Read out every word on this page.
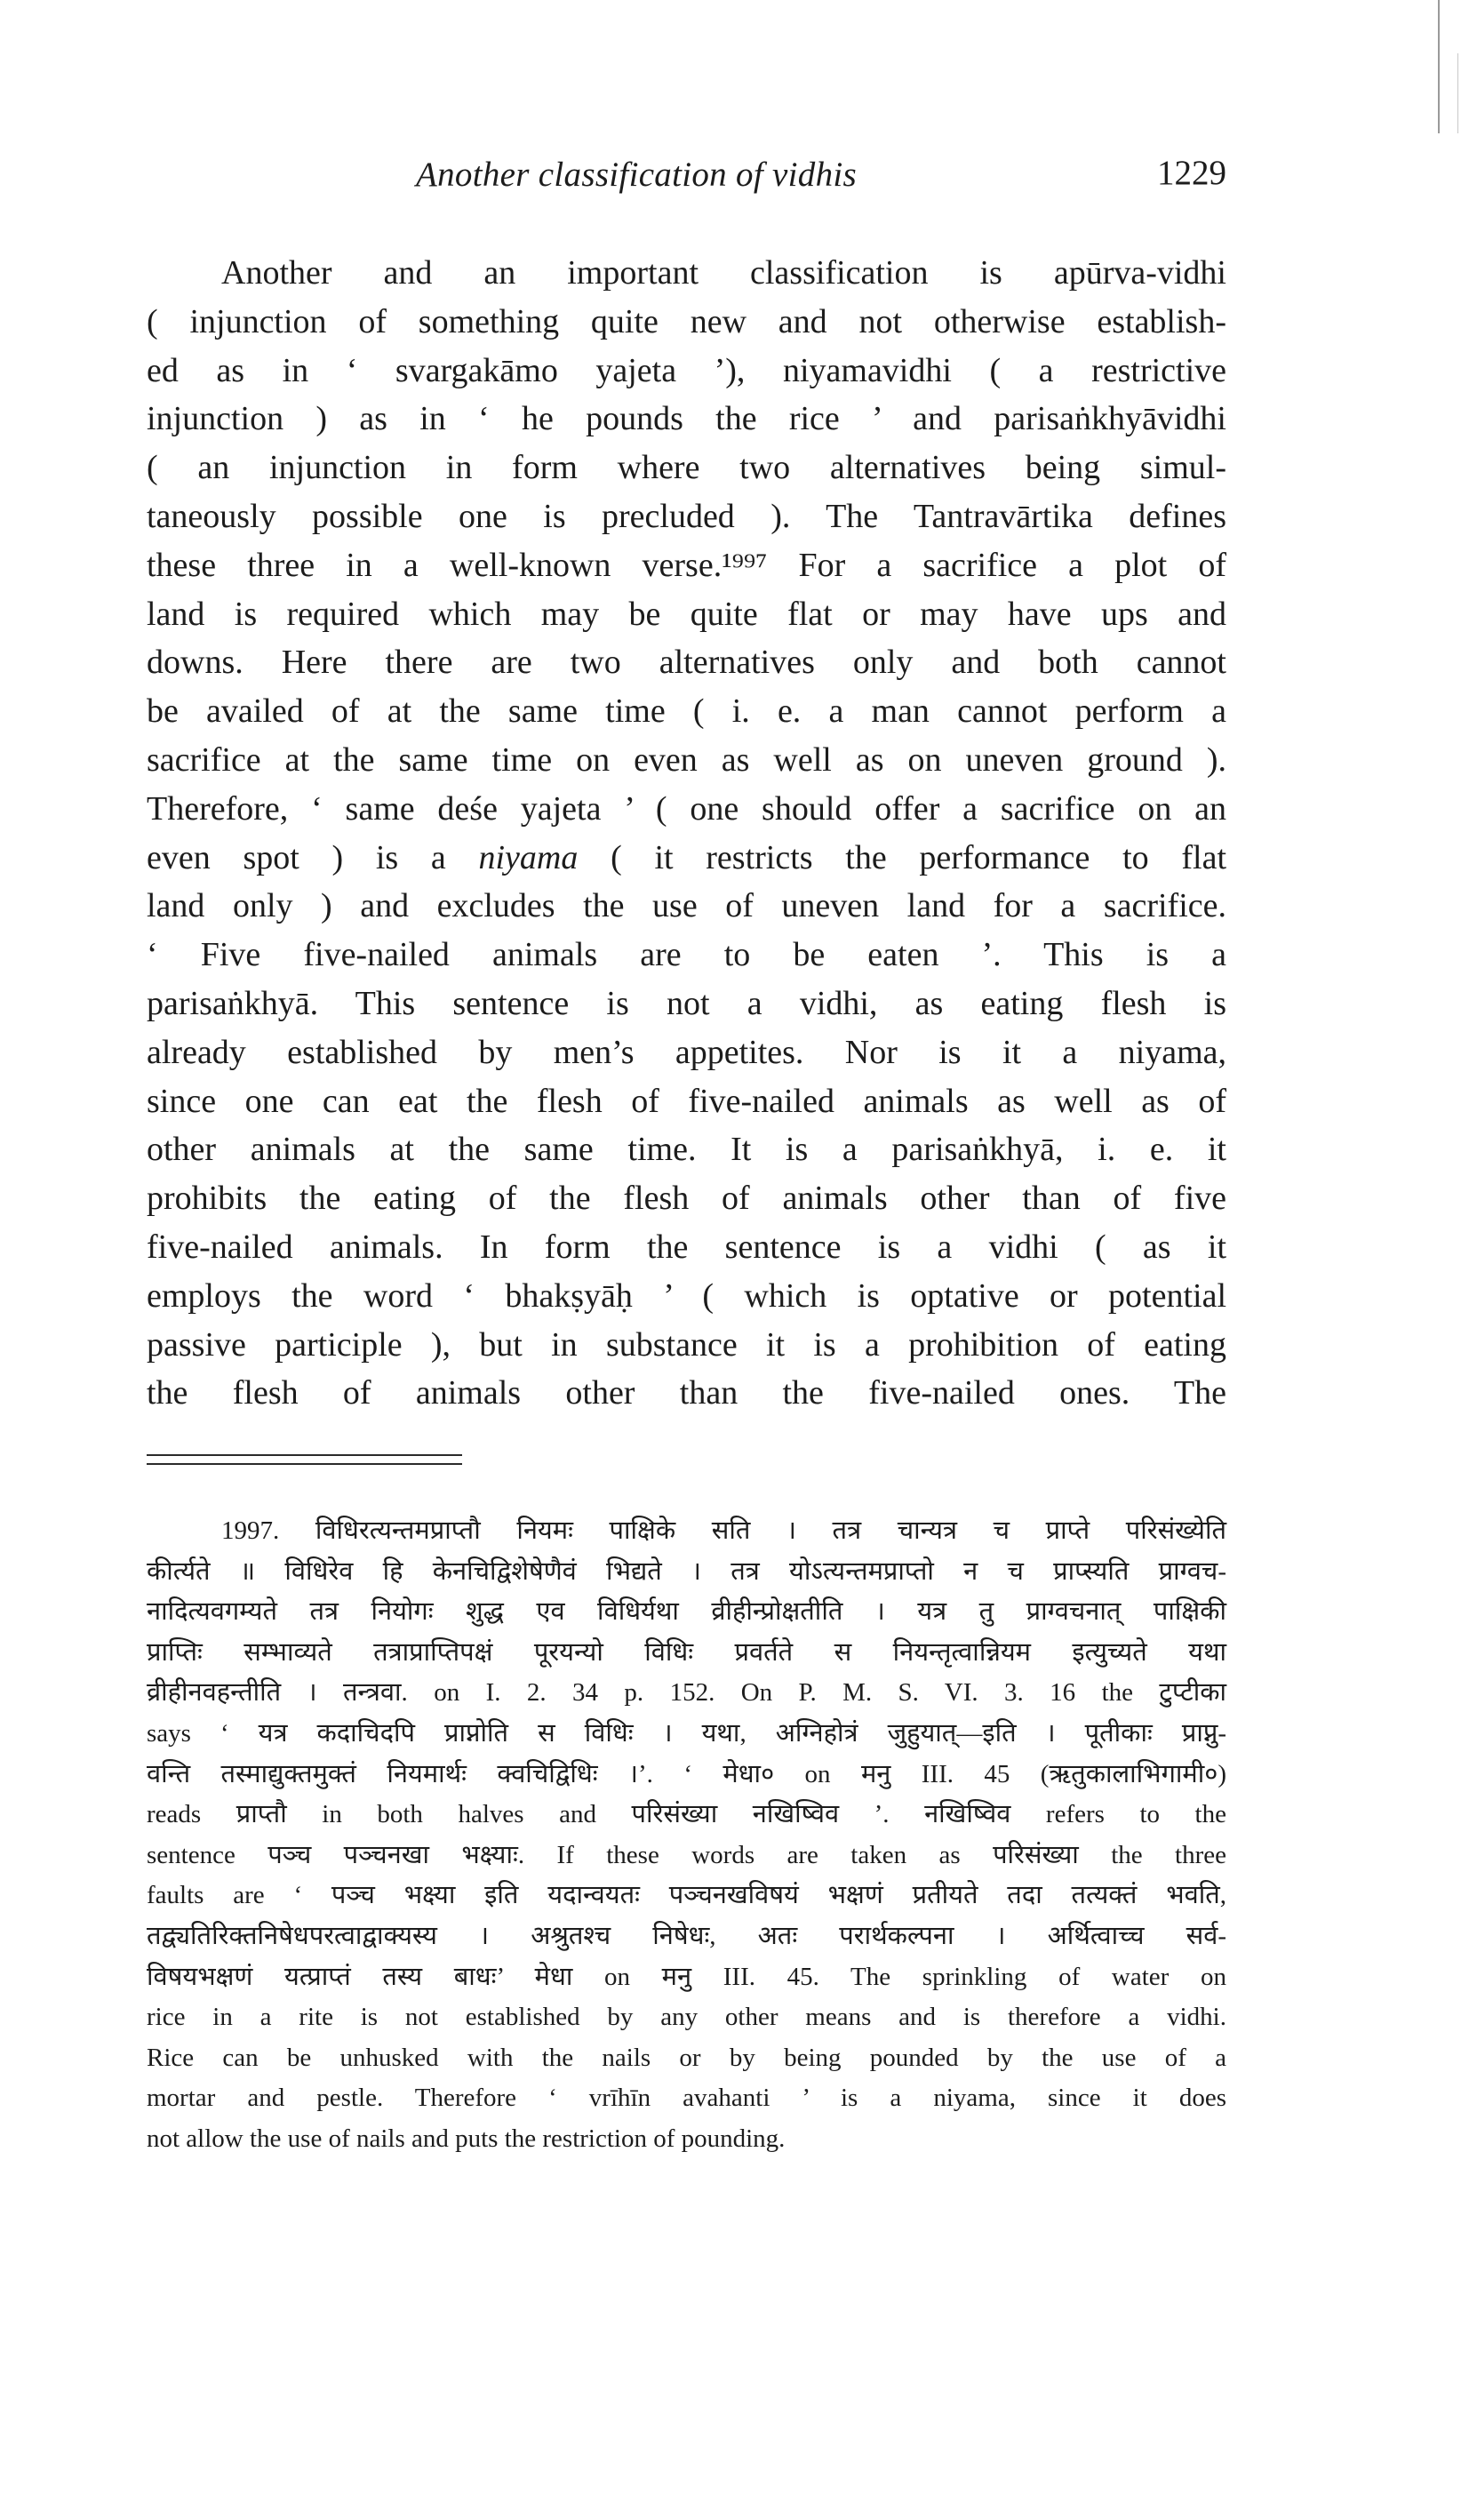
Another classification of vidhis	1229
Another and an important classification is apūrva-vidhi
( injunction of something quite new and not otherwise establish-
ed as in ‘ svargakāmo yajeta ’), niyamavidhi ( a restrictive
injunction ) as in ‘ he pounds the rice ’ and parisaṅkhyāvidhi
( an injunction in form where two alternatives being simul-
taneously possible one is precluded ). The Tantravārtika defines
these three in a well-known verse.¹⁹⁹⁷ For a sacrifice a plot of
land is required which may be quite flat or may have ups and
downs. Here there are two alternatives only and both cannot
be availed of at the same time ( i. e. a man cannot perform a
sacrifice at the same time on even as well as on uneven ground ).
Therefore, ‘ same deśe yajeta ’ ( one should offer a sacrifice on an
even spot ) is a niyama ( it restricts the performance to flat
land only ) and excludes the use of uneven land for a sacrifice.
‘ Five five-nailed animals are to be eaten ’. This is a
parisaṅkhyā. This sentence is not a vidhi, as eating flesh is
already established by men’s appetites. Nor is it a niyama,
since one can eat the flesh of five-nailed animals as well as of
other animals at the same time. It is a parisaṅkhyā, i. e. it
prohibits the eating of the flesh of animals other than of five
five-nailed animals. In form the sentence is a vidhi ( as it
employs the word ‘ bhakṣyāḥ ’ ( which is optative or potential
passive participle ), but in substance it is a prohibition of eating
the flesh of animals other than the five-nailed ones. The
1997. विधिरत्यन्तमप्राप्तौ नियमः पाक्षिके सति । तत्र चान्यत्र च प्राप्ते परिसंख्येति
कीर्त्यते ॥ विधिरेव हि केनचिद्विशेषेणैवं भिद्यते । तत्र योऽत्यन्तमप्राप्तो न च प्राप्स्यति प्राग्वच-
नादित्यवगम्यते तत्र नियोगः शुद्ध एव विधिर्यथा व्रीहीन्प्रोक्षतीति । यत्र तु प्राग्वचनात् पाक्षिकी
प्राप्तिः सम्भाव्यते तत्राप्राप्तिपक्षं पूरयन्यो विधिः प्रवर्तते स नियन्तृत्वान्नियम इत्युच्यते यथा
व्रीहीनवहन्तीति । तन्त्रवा. on I. 2. 34 p. 152. On P. M. S. VI. 3. 16 the टुप्टीका
says ‘ यत्र कदाचिदपि प्राप्नोति स विधिः । यथा, अग्निहोत्रं जुहुयात्—इति । पूतीकाः प्राप्नु-
वन्ति तस्माद्युक्तमुक्तं नियमार्थः क्वचिद्विधिः ।’. ‘ मेधा० on मनु III. 45 (ऋतुकालाभिगामी०)
reads प्राप्तौ in both halves and परिसंख्या नखिष्विव ’. नखिष्विव refers to the
sentence पञ्च पञ्चनखा भक्ष्याः. If these words are taken as परिसंख्या the three
faults are ‘ पञ्च भक्ष्या इति यदान्वयतः पञ्चनखविषयं भक्षणं प्रतीयते तदा तत्यक्तं भवति,
तद्व्यतिरिक्तनिषेधपरत्वाद्वाक्यस्य । अश्रुतश्च निषेधः, अतः परार्थकल्पना । अर्थित्वाच्च सर्व-
विषयभक्षणं यत्प्राप्तं तस्य बाधः’ मेधा on मनु III. 45. The sprinkling of water on
rice in a rite is not established by any other means and is therefore a vidhi.
Rice can be unhusked with the nails or by being pounded by the use of a
mortar and pestle. Therefore ‘ vrīhīn avahanti ’ is a niyama, since it does
not allow the use of nails and puts the restriction of pounding.
